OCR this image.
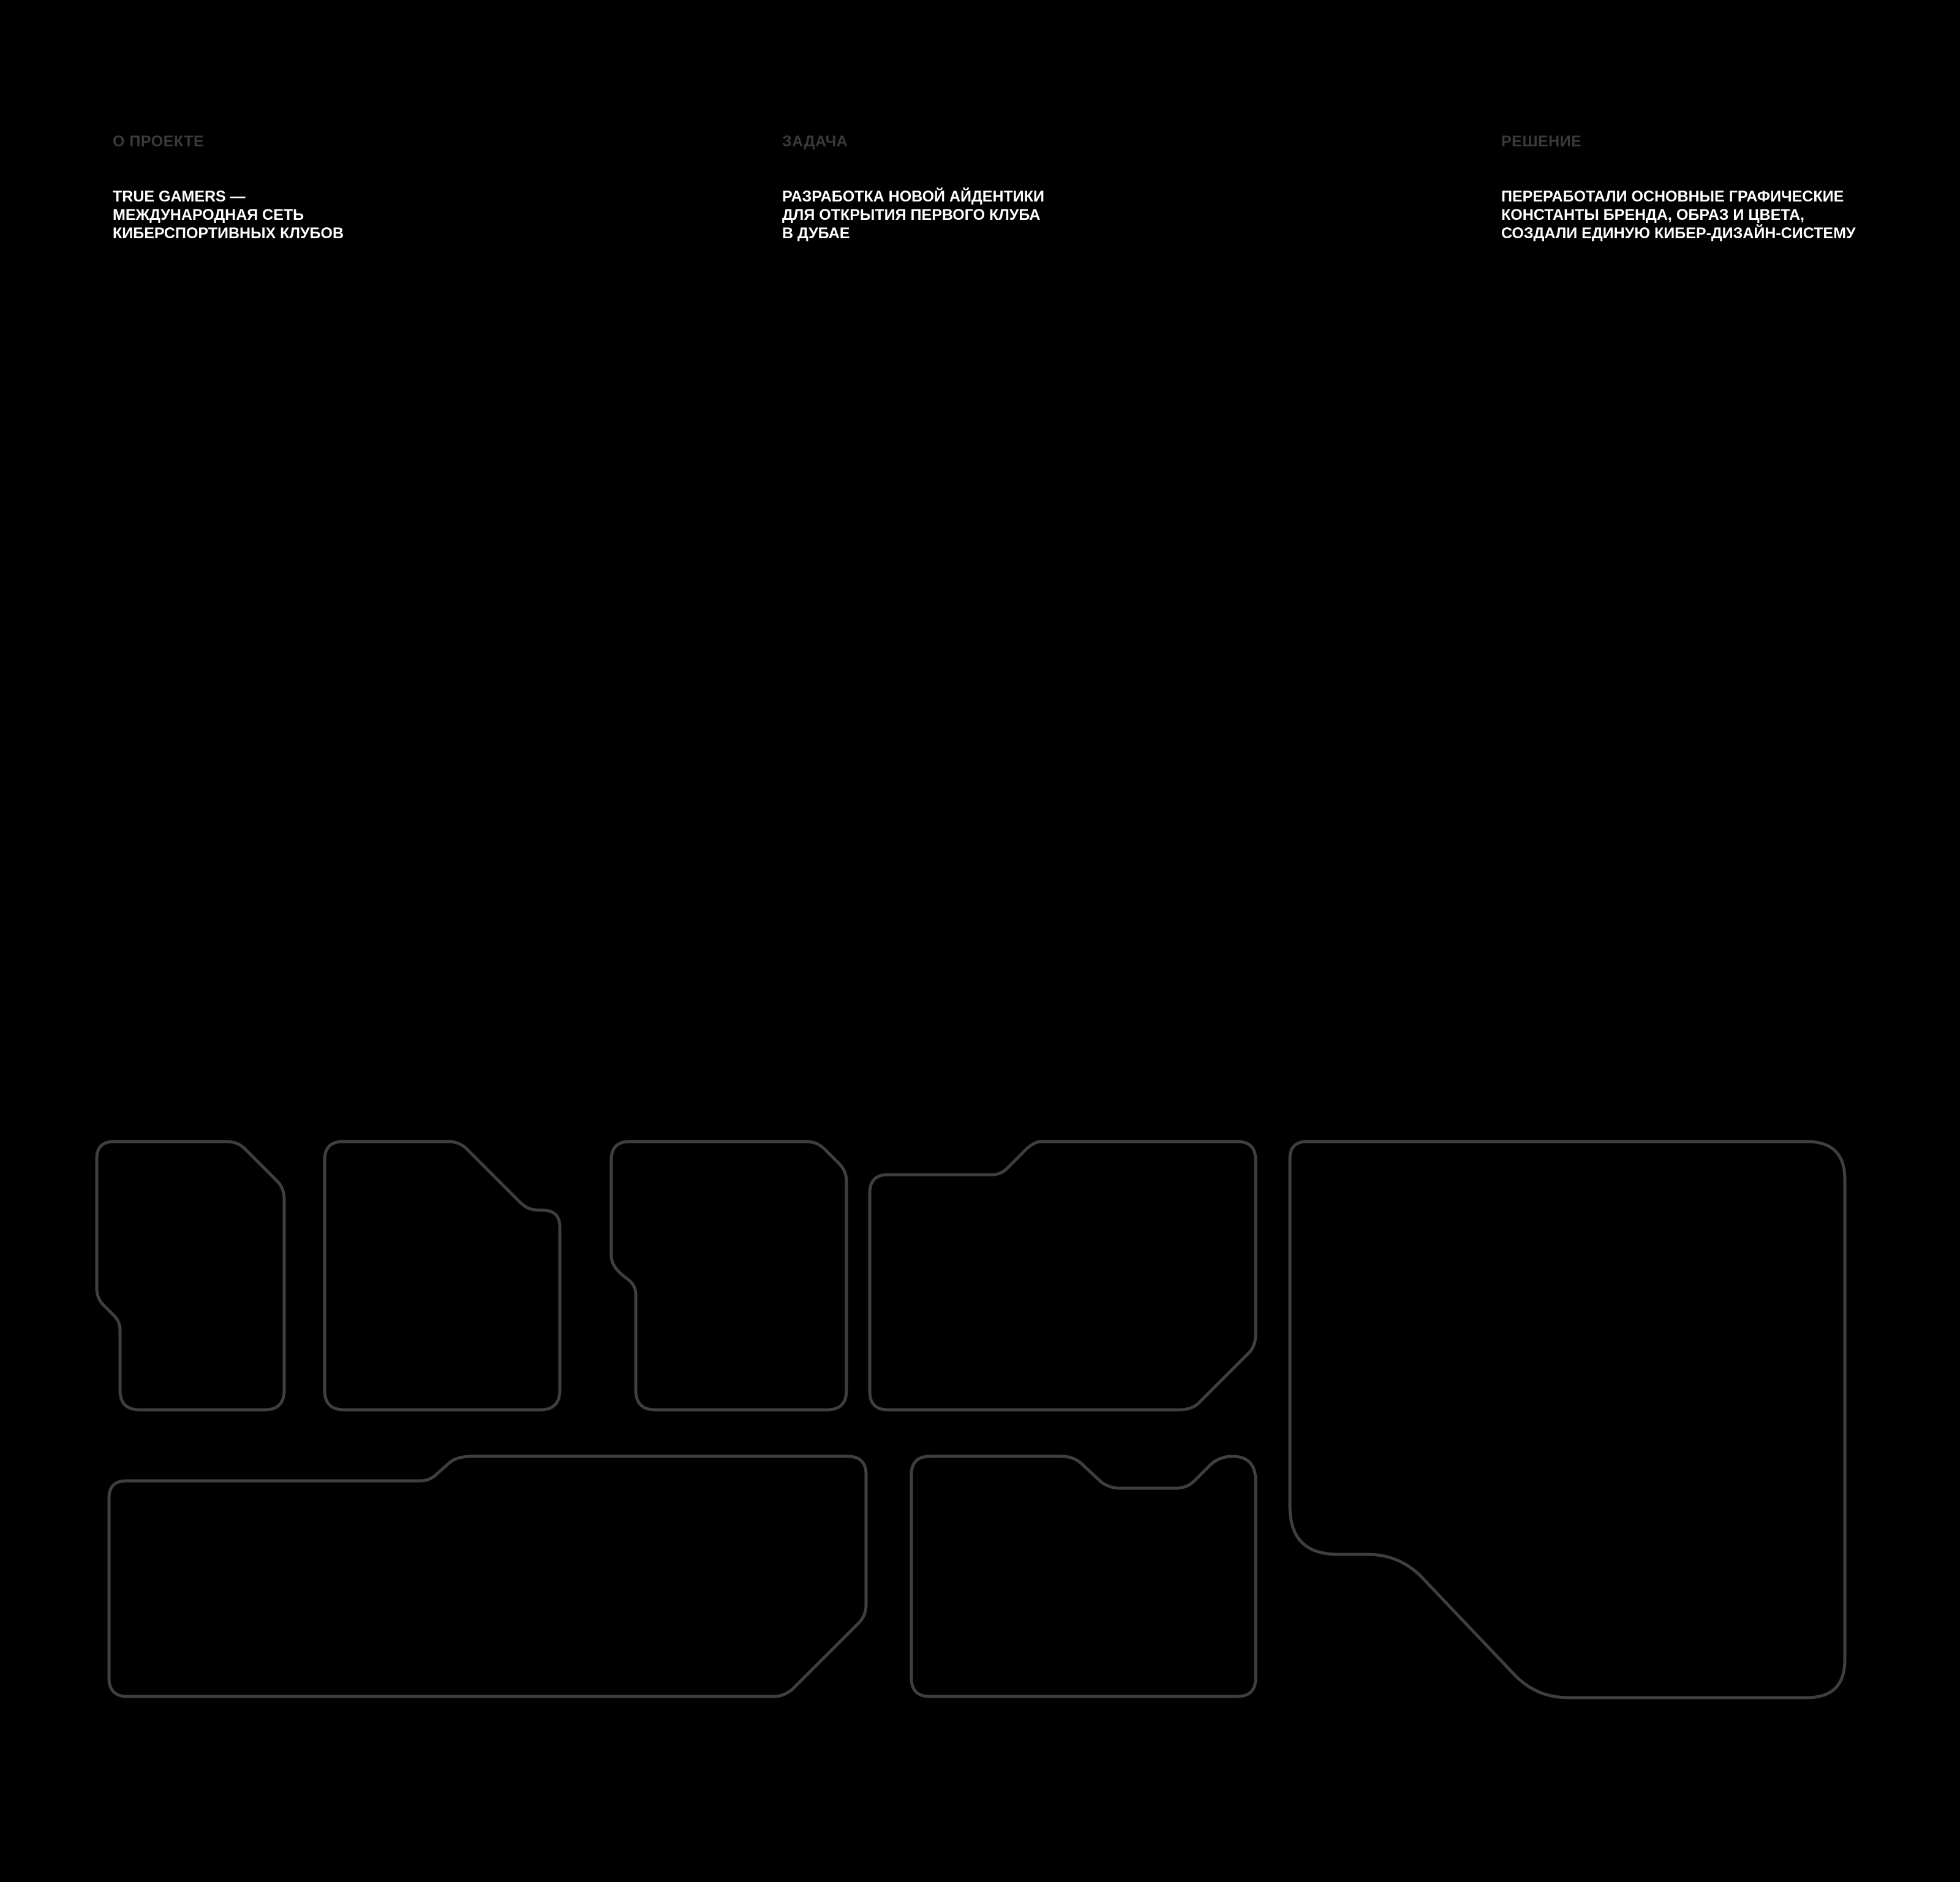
О ПРОЕКТЕ

TRUE GAMERS —
МЕЖДУНАРОДНАЯ СЕТЬ
КИБЕРСПОРТИВНЫХ КЛУБОВ

ЗАДАЧА

РАЗРАБОТКА НОВОЙ АЙДЕНТИКИ
ДЛЯ ОТКРЫТИЯ ПЕРВОГО КЛУБА
В ДУБАЕ

РЕШЕНИЕ

ПЕРЕРАБОТАЛИ ОСНОВНЫЕ ГРАФИЧЕСКИЕ
КОНСТАНТЫ БРЕНДА, ОБРАЗ И ЦВЕТА,
СОЗДАЛИ ЕДИНУЮ КИБЕР-ДИЗАЙН-СИСТЕМУ
